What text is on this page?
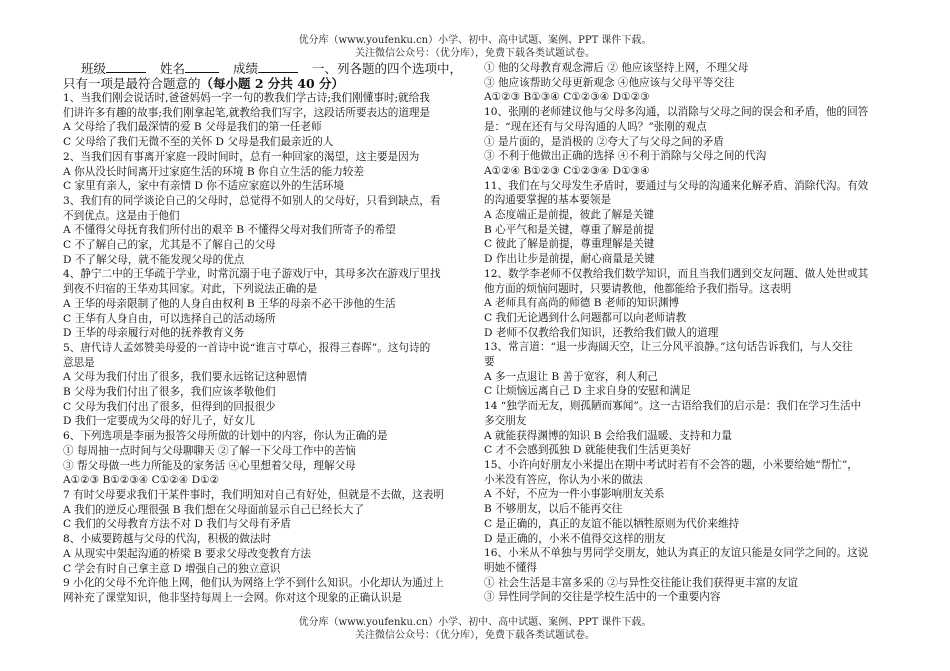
优分库（www.youfenku.cn）小学、初中、高中试题、案例、PPT 课件下载。
关注微信公众号：（优分库），免费下载各类试题试卷。
班级	姓名	成绩	一、列各题的四个选项中，
只有一项是最符合题意的（每小题 2 分共 40 分）
1、当我们刚会说话时,爸爸妈妈一字一句的教我们学古诗;我们刚懂事时;就给我
们讲许多有趣的故事;我们刚拿起笔,就教给我们写字，这段话所要表达的道理是
A 父母给了我们最深情的爱 B 父母是我们的第一任老师
C 父母给了我们无微不至的关怀 D 父母是我们最亲近的人
2、当我们因有事离开家庭一段时间时，总有一种回家的渴望，这主要是因为
A 你从没长时间离开过家庭生活的环境 B 你自立生活的能力较差
C 家里有亲人，家中有亲情 D 你不适应家庭以外的生活环境
3、我们有的同学谈论自己的父母时，总觉得不如别人的父母好，只看到缺点，看
不到优点。这是由于他们
A 不懂得父母抚育我们所付出的艰辛 B 不懂得父母对我们所寄予的希望
C 不了解自己的家，尤其是不了解自己的父母
D 不了解父母，就不能发现父母的优点
4、静宁二中的王华疏于学业，时常沉溺于电子游戏厅中，其母多次在游戏厅里找
到夜不归宿的王华劝其回家。对此，下列说法正确的是
A 王华的母亲限制了他的人身自由权利 B 王华的母亲不必干涉他的生活
C 王华有人身自由，可以选择自己的活动场所
D 王华的母亲履行对他的抚养教育义务
5、唐代诗人孟郊赞美母爱的一首诗中说“谁言寸草心，报得三春晖”。这句诗的
意思是
A 父母为我们付出了很多，我们要永远铭记这种恩情
B 父母为我们付出了很多，我们应该孝敬他们
C 父母为我们付出了很多，但得到的回报很少
D 我们一定要成为父母的好儿子，好女儿
6、下列选项是李丽为报答父母所做的计划中的内容，你认为正确的是
① 每周抽一点时间与父母聊聊天 ②了解一下父母工作中的苦恼
③ 帮父母做一些力所能及的家务活 ④心里想着父母，理解父母
A①②③ B①②③④ C①②④ D①②
7 有时父母要求我们干某件事时，我们明知对自己有好处，但就是不去做，这表明
A 我们的逆反心理很强 B 我们想在父母面前显示自己已经长大了
C 我们的父母教育方法不对 D 我们与父母有矛盾
8、小威要跨越与父母的代沟，积极的做法时
A 从现实中架起沟通的桥梁 B 要求父母改变教育方法
C 学会有时自己拿主意 D 增强自己的独立意识
9 小化的父母不允许他上网，他们认为网络上学不到什么知识。小化却认为通过上
网补充了课堂知识，他非坚持每周上一会网。你对这个现象的正确认识是
① 他的父母教育观念滞后 ② 他应该坚持上网，不理父母
③ 他应该帮助父母更新观念 ④他应该与父母平等交往
A①②③ B①③④ C①②③④ D①②③
10、张刚的老师建议他与父母多沟通，以消除与父母之间的误会和矛盾，他的回答
是：“现在还有与父母沟通的人吗？”张刚的观点
① 是片面的，是消极的 ②夸大了与父母之间的矛盾
③ 不利于他做出正确的选择 ④不利于消除与父母之间的代沟
A①②④ B①②③ C①②③④ D①③④
11、我们在与父母发生矛盾时，要通过与父母的沟通来化解矛盾、消除代沟。有效
的沟通要掌握的基本要领是
A 态度端正是前提，彼此了解是关键
B 心平气和是关键，尊重了解是前提
C 彼此了解是前提，尊重理解是关键
D 作出让步是前提，耐心商量是关键
12、数学李老师不仅教给我们数学知识，而且当我们遇到交友问题、做人处世或其
他方面的烦恼问题时，只要请教他，他都能给予我们指导。这表明
A 老师具有高尚的师德 B 老师的知识渊博
C 我们无论遇到什么问题都可以向老师请教
D 老师不仅教给我们知识，还教给我们做人的道理
13、常言道：“退一步海阔天空，让三分风平浪静。”这句话告诉我们，与人交往
要
A 多一点退让 B 善于宽容，利人利己
C 让烦恼远离自己 D 主求自身的安慰和满足
14 “独学而无友，则孤陋而寡闻”。这一古语给我们的启示是：我们在学习生活中
多交朋友
A 就能获得渊博的知识 B 会给我们温暖、支持和力量
C 才不会感到孤独 D 就能使我们生活更美好
15、小许向好朋友小米提出在期中考试时若有不会答的题，小米要给她“帮忙”，
小米没有答应，你认为小米的做法
A 不好，不应为一件小事影响朋友关系
B 不够朋友，以后不能再交往
C 是正确的，真正的友谊不能以牺牲原则为代价来维持
D 是正确的，小米不值得交这样的朋友
16、小米从不单独与男同学交朋友，她认为真正的友谊只能是女同学之间的。这说
明她不懂得
① 社会生活是丰富多采的 ②与异性交往能让我们获得更丰富的友谊
③ 异性同学间的交往是学校生活中的一个重要内容
优分库（www.youfenku.cn）小学、初中、高中试题、案例、PPT 课件下载。
关注微信公众号：（优分库），免费下载各类试题试卷。
